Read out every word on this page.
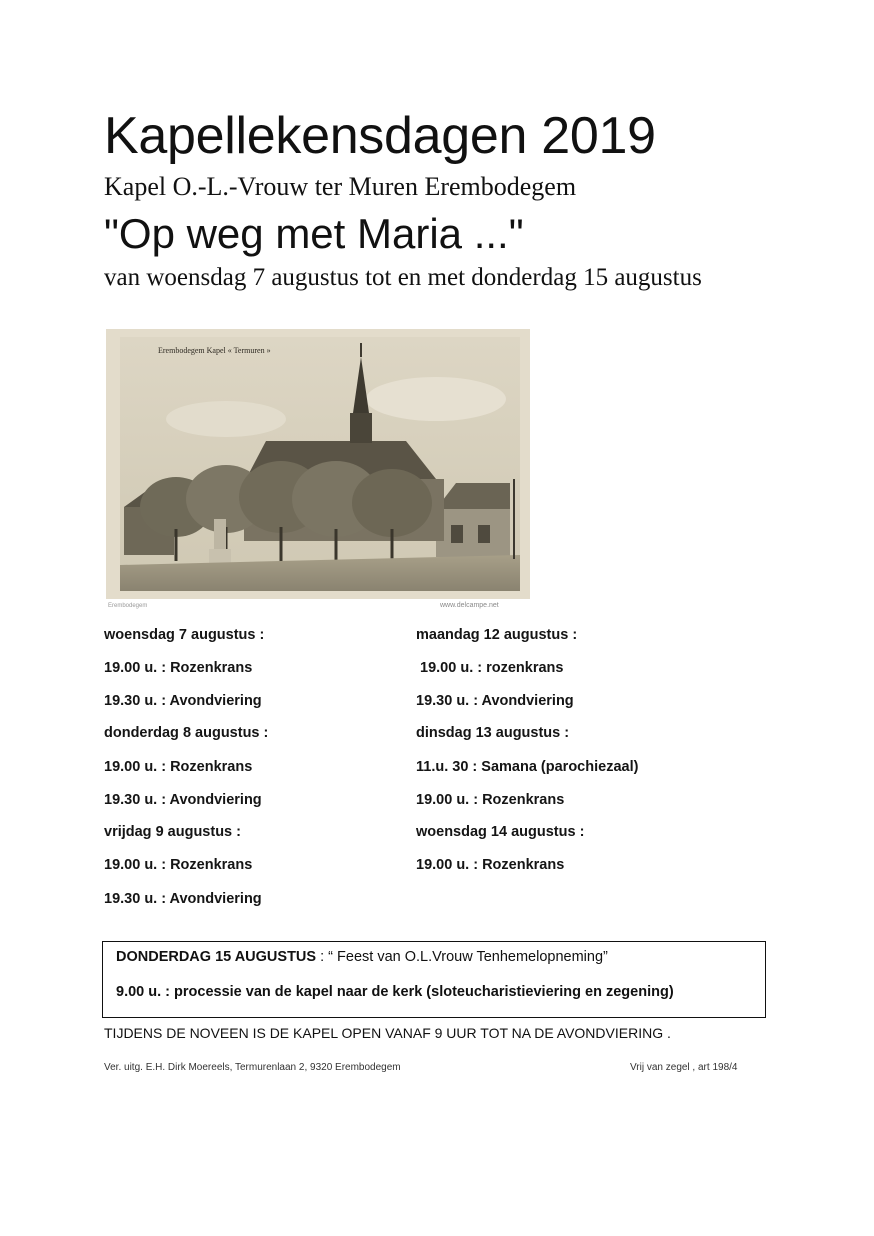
Kapellekensdagen 2019
Kapel O.-L.-Vrouw ter Muren Erembodegem
"Op weg met Maria ..."
van woensdag 7 augustus tot en met donderdag 15 augustus
Erembodegem Kapel « Termuren »
Erembodegem	www.delcampe.net
woensdag 7 augustus :
19.00 u. : Rozenkrans
19.30 u. : Avondviering
donderdag 8 augustus :
19.00 u. : Rozenkrans
19.30 u. : Avondviering
vrijdag 9 augustus :
19.00 u. : Rozenkrans
19.30 u. : Avondviering
maandag 12 augustus :
19.00 u. : rozenkrans
19.30 u. : Avondviering
dinsdag 13 augustus :
11.u. 30 : Samana (parochiezaal)
19.00 u. : Rozenkrans
woensdag 14 augustus :
19.00 u. : Rozenkrans
DONDERDAG 15 AUGUSTUS : “ Feest van O.L.Vrouw Tenhemelopneming”
9.00 u. : processie van de kapel naar de kerk (sloteucharistieviering en zegening)
TIJDENS DE NOVEEN IS DE KAPEL OPEN VANAF 9 UUR TOT NA DE AVONDVIERING .
Ver. uitg. E.H. Dirk Moereels, Termurenlaan 2, 9320 Erembodegem	Vrij van zegel , art 198/4
